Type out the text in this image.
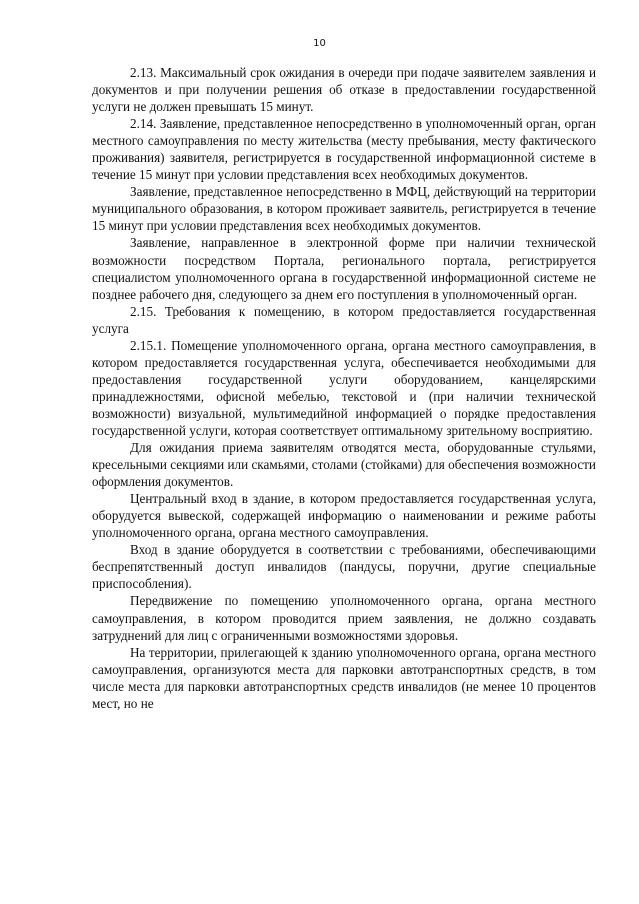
10

2.13. Максимальный срок ожидания в очереди при подаче заявителем заявления и документов и при получении решения об отказе в предоставлении государственной услуги не должен превышать 15 минут.

2.14. Заявление, представленное непосредственно в уполномоченный орган, орган местного самоуправления по месту жительства (месту пребывания, месту фактического проживания) заявителя, регистрируется в государственной информационной системе в течение 15 минут при условии представления всех необходимых документов.

Заявление, представленное непосредственно в МФЦ, действующий на территории муниципального образования, в котором проживает заявитель, регистрируется в течение 15 минут при условии представления всех необходимых документов.

Заявление, направленное в электронной форме при наличии технической возможности посредством Портала, регионального портала, регистрируется специалистом уполномоченного органа в государственной информационной системе не позднее рабочего дня, следующего за днем его поступления в уполномоченный орган.

2.15. Требования к помещению, в котором предоставляется государственная услуга

2.15.1. Помещение уполномоченного органа, органа местного самоуправления, в котором предоставляется государственная услуга, обеспечивается необходимыми для предоставления государственной услуги оборудованием, канцелярскими принадлежностями, офисной мебелью, текстовой и (при наличии технической возможности) визуальной, мультимедийной информацией о порядке предоставления государственной услуги, которая соответствует оптимальному зрительному восприятию.

Для ожидания приема заявителям отводятся места, оборудованные стульями, кресельными секциями или скамьями, столами (стойками) для обеспечения возможности оформления документов.

Центральный вход в здание, в котором предоставляется государственная услуга, оборудуется вывеской, содержащей информацию о наименовании и режиме работы уполномоченного органа, органа местного самоуправления.

Вход в здание оборудуется в соответствии с требованиями, обеспечивающими беспрепятственный доступ инвалидов (пандусы, поручни, другие специальные приспособления).

Передвижение по помещению уполномоченного органа, органа местного самоуправления, в котором проводится прием заявления, не должно создавать затруднений для лиц с ограниченными возможностями здоровья.

На территории, прилегающей к зданию уполномоченного органа, органа местного самоуправления, организуются места для парковки автотранспортных средств, в том числе места для парковки автотранспортных средств инвалидов (не менее 10 процентов мест, но не
